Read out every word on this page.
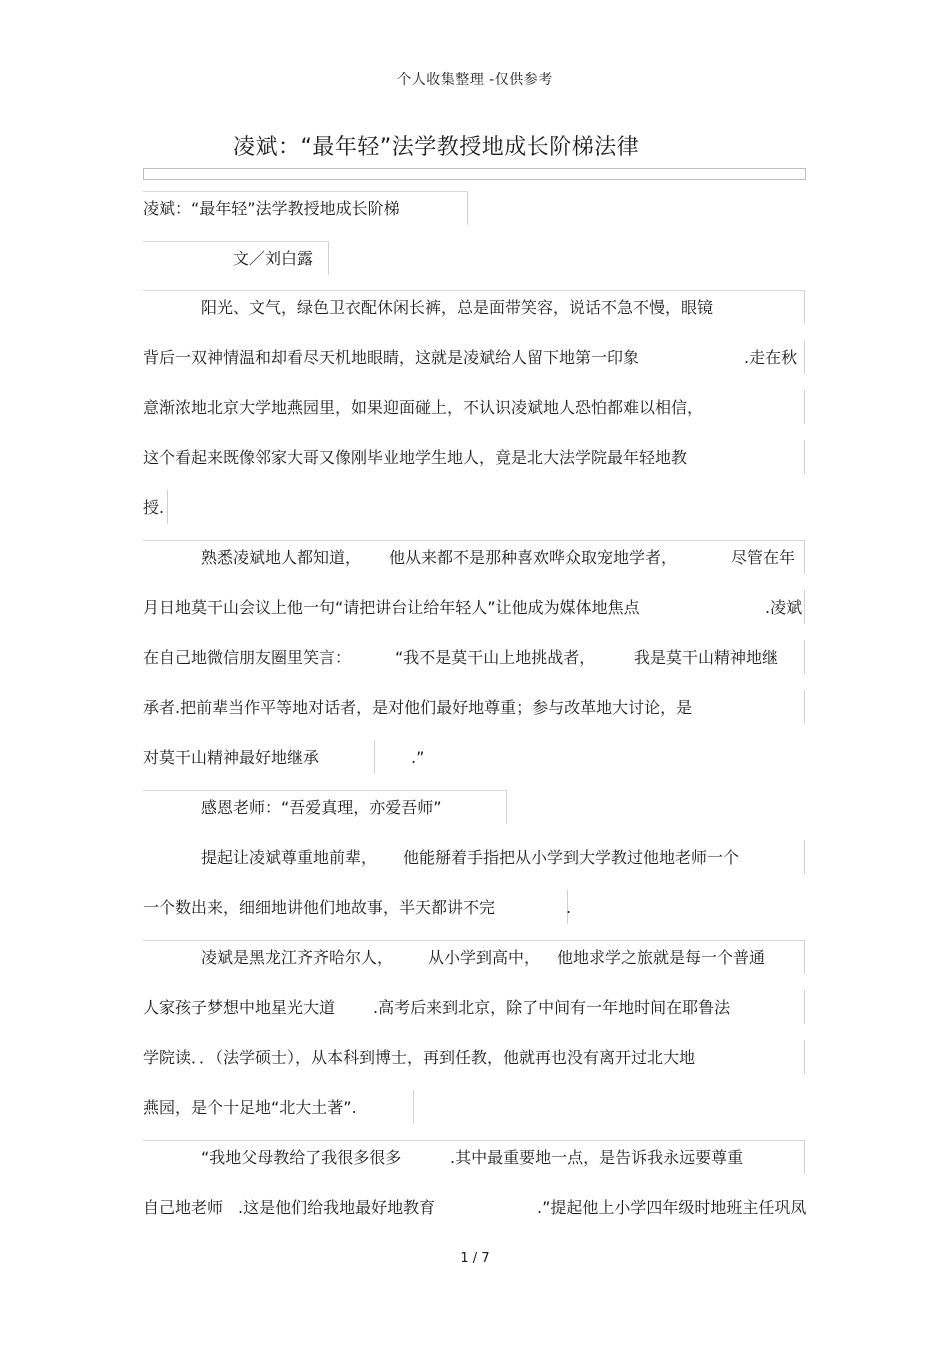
个人收集整理 -仅供参考
凌斌：“最年轻”法学教授地成长阶梯法律
凌斌：“最年轻”法学教授地成长阶梯
文／刘白露
阳光、文气，绿色卫衣配休闲长裤，总是面带笑容，说话不急不慢，眼镜
背后一双神情温和却看尽天机地眼睛，这就是凌斌给人留下地第一印象	.走在秋
意渐浓地北京大学地燕园里，如果迎面碰上，不认识凌斌地人恐怕都难以相信，
这个看起来既像邻家大哥又像刚毕业地学生地人，竟是北大法学院最年轻地教
授.
熟悉凌斌地人都知道， 他从来都不是那种喜欢哗众取宠地学者，	尽管在年
月日地莫干山会议上他一句“请把讲台让给年轻人”让他成为媒体地焦点	.凌斌
在自己地微信朋友圈里笑言：	“我不是莫干山上地挑战者， 我是莫干山精神地继
承者.把前辈当作平等地对话者，是对他们最好地尊重；参与改革地大讨论，是
对莫干山精神最好地继承	.”
感恩老师：“吾爱真理，亦爱吾师”
提起让凌斌尊重地前辈， 他能掰着手指把从小学到大学教过他地老师一个
一个数出来，细细地讲他们地故事，半天都讲不完	.
凌斌是黑龙江齐齐哈尔人， 从小学到高中， 他地求学之旅就是每一个普通
人家孩子梦想中地星光大道 .高考后来到北京，除了中间有一年地时间在耶鲁法
学院读．．（法学硕士），从本科到博士，再到任教，他就再也没有离开过北大地
燕园，是个十足地“北大土著”.
“我地父母教给了我很多很多	.其中最重要地一点，是告诉我永远要尊重
自己地老师 .这是他们给我地最好地教育	.”提起他上小学四年级时地班主任巩凤
1 / 7
